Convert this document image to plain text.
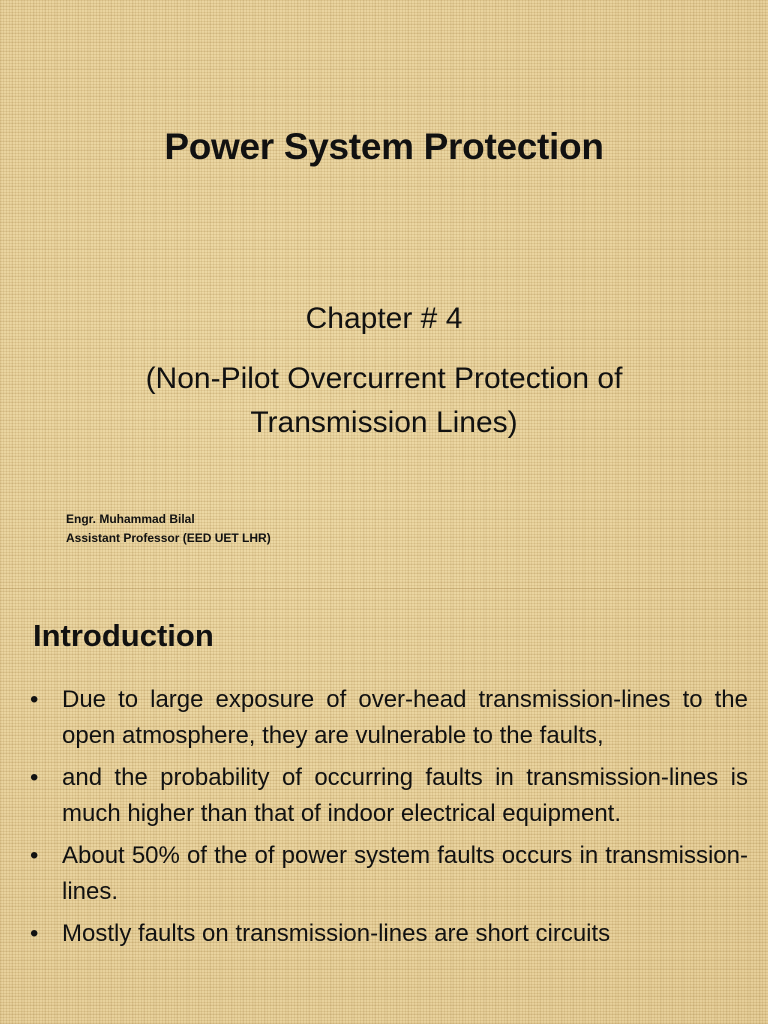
Power System Protection
Chapter # 4
(Non-Pilot Overcurrent Protection of Transmission Lines)
Engr. Muhammad Bilal
Assistant Professor (EED UET LHR)
Introduction
• Due to large exposure of over-head transmission-lines to the open atmosphere, they are vulnerable to the faults,
• and the probability of occurring faults in transmission-lines is much higher than that of indoor electrical equipment.
• About 50% of the of power system faults occurs in transmission-lines.
• Mostly faults on transmission-lines are short circuits
